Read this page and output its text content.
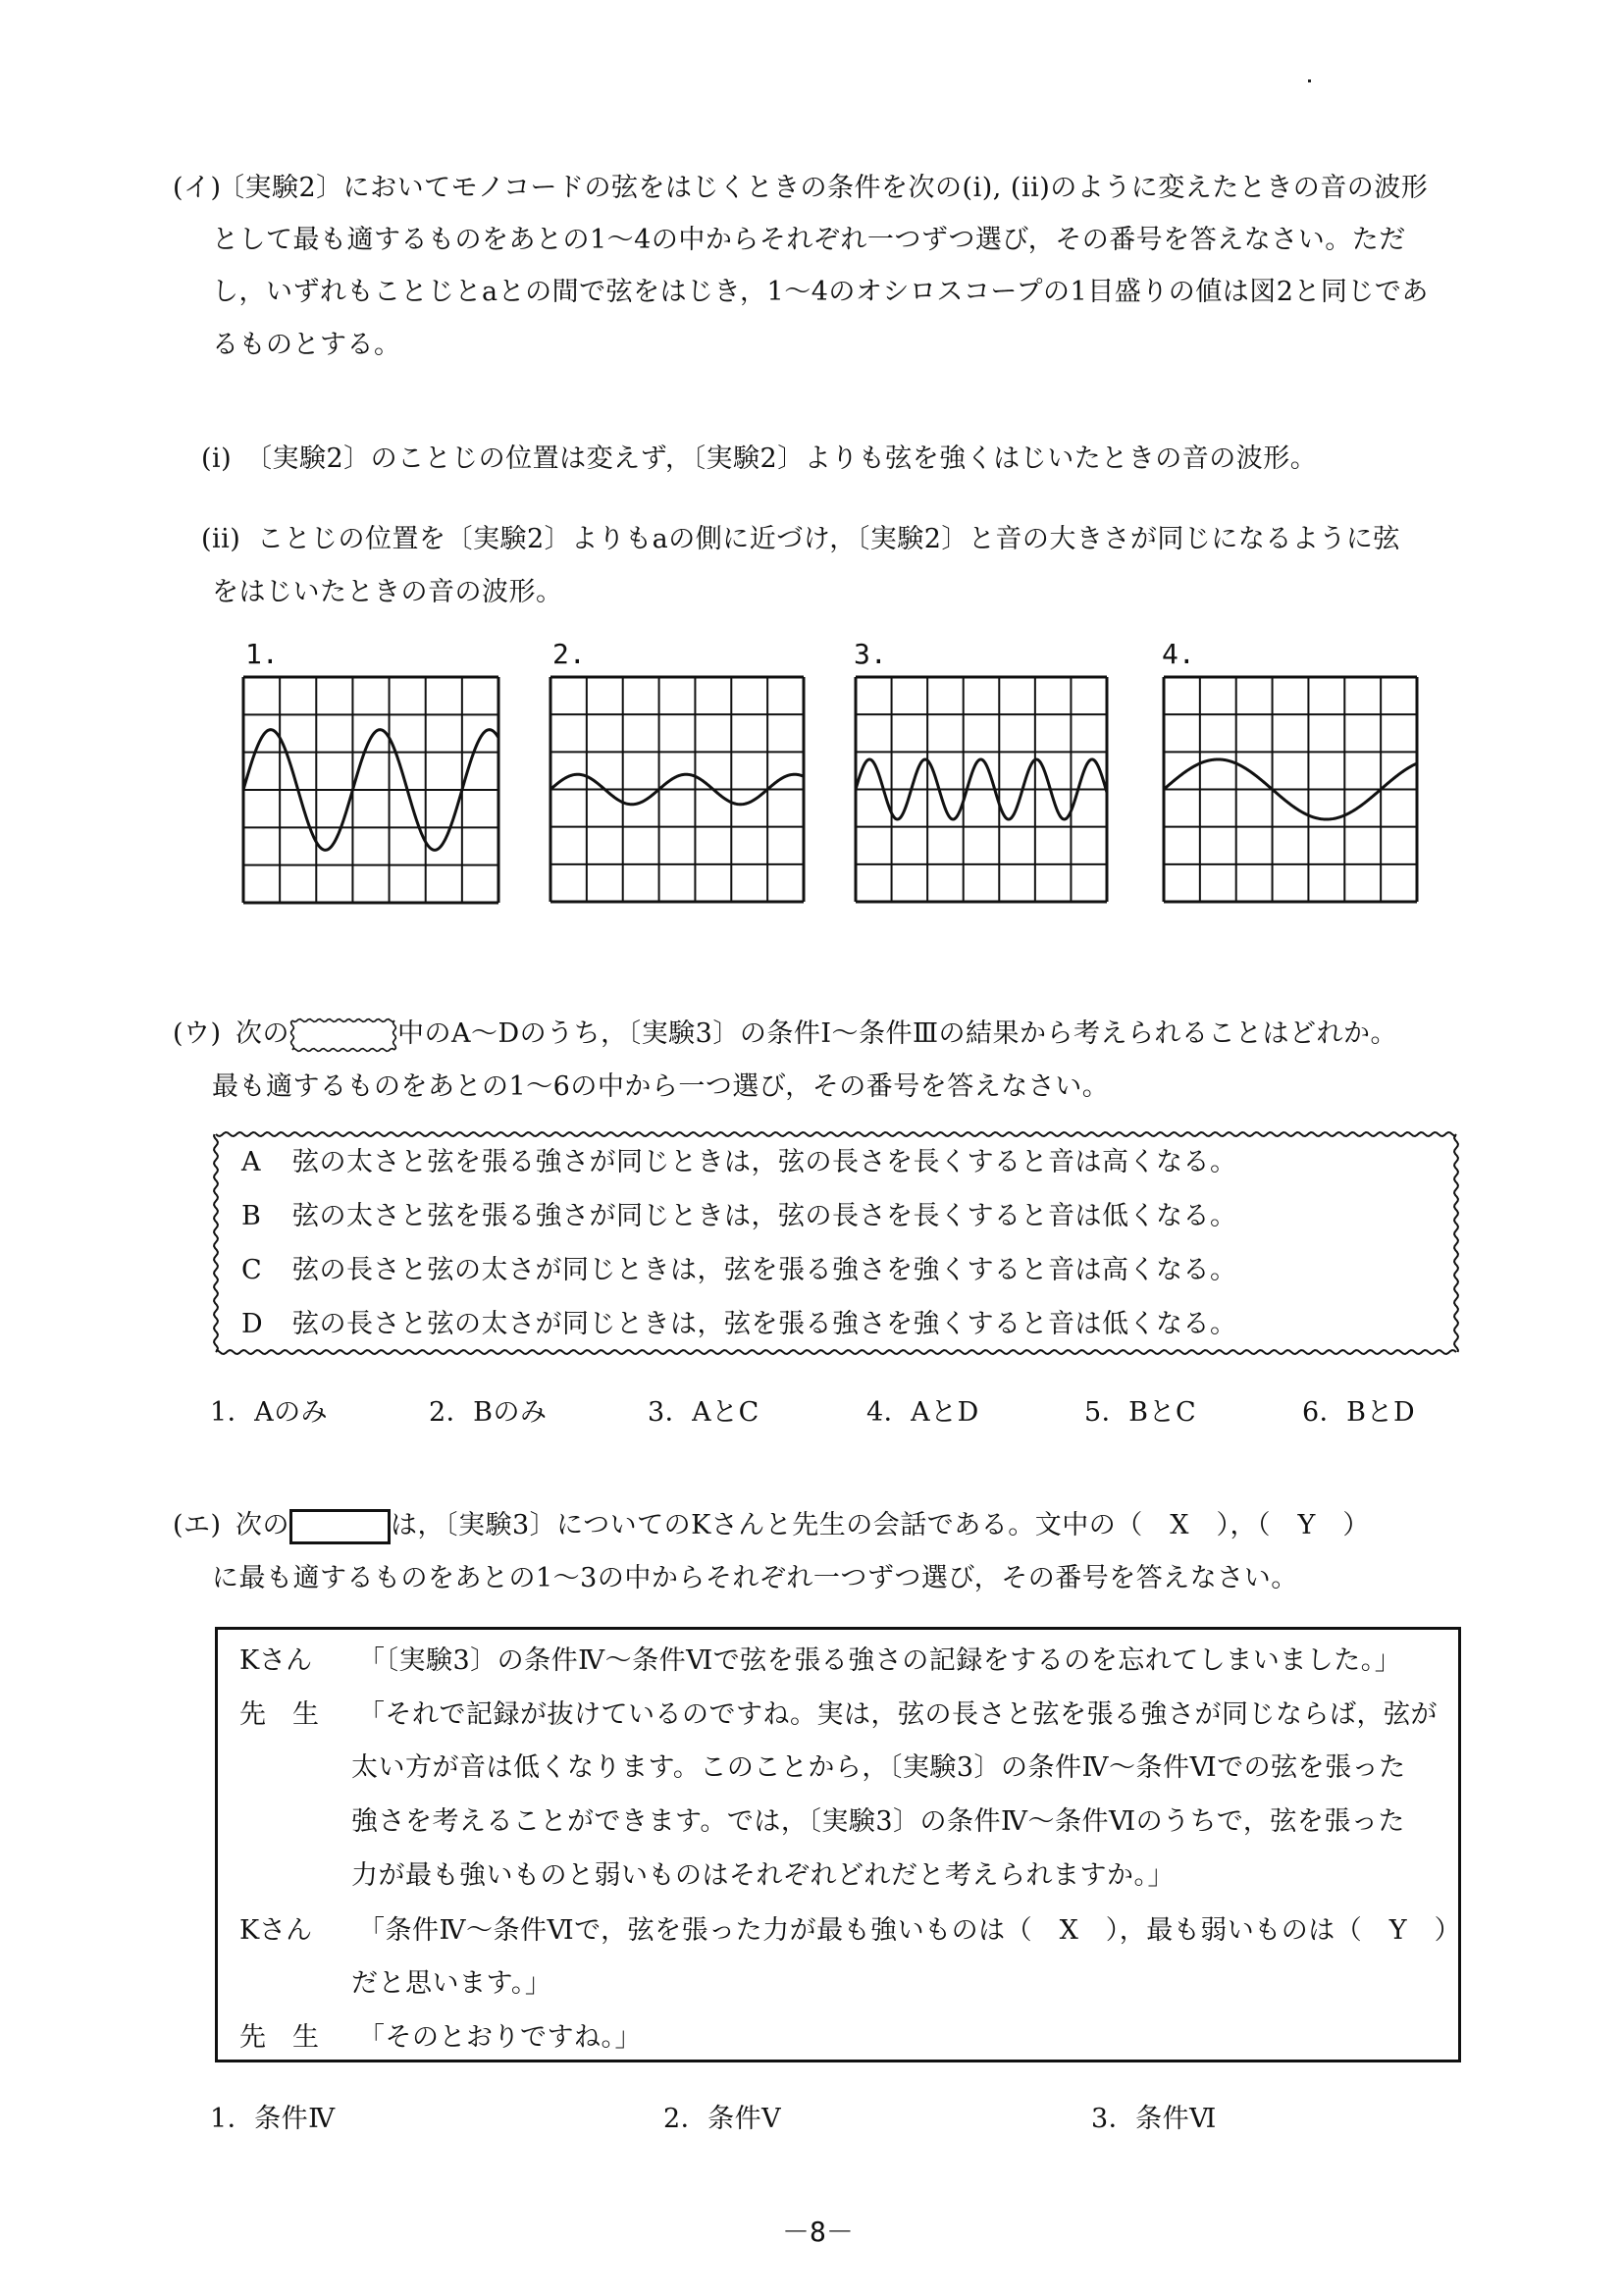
(イ)
〔実験2〕においてモノコードの弦をはじくときの条件を次の(i), (ii)のように変えたときの音の波形
として最も適するものをあとの1～4の中からそれぞれ一つずつ選び，その番号を答えなさい。ただ
し，いずれもことじとaとの間で弦をはじき，1～4のオシロスコープの1目盛りの値は図2と同じであ
るものとする。
(i) 〔実験2〕のことじの位置は変えず，〔実験2〕よりも弦を強くはじいたときの音の波形。
(ii) ことじの位置を〔実験2〕よりもaの側に近づけ，〔実験2〕と音の大きさが同じになるように弦
をはじいたときの音の波形。
1.	2.	3.	4.
(ウ) 次の	中のA～Dのうち，〔実験3〕の条件Ⅰ～条件Ⅲの結果から考えられることはどれか。
最も適するものをあとの1～6の中から一つ選び，その番号を答えなさい。
A 弦の太さと弦を張る強さが同じときは，弦の長さを長くすると音は高くなる。
B 弦の太さと弦を張る強さが同じときは，弦の長さを長くすると音は低くなる。
C 弦の長さと弦の太さが同じときは，弦を張る強さを強くすると音は高くなる。
D 弦の長さと弦の太さが同じときは，弦を張る強さを強くすると音は低くなる。
1．Aのみ	2．Bのみ	3．AとC	4．AとD	5．BとC	6．BとD
(エ) 次の	は，〔実験3〕についてのKさんと先生の会話である。文中の（　X　），（　Y　）
に最も適するものをあとの1～3の中からそれぞれ一つずつ選び，その番号を答えなさい。
Kさん 「〔実験3〕の条件Ⅳ～条件Ⅵで弦を張る強さの記録をするのを忘れてしまいました。」
先　生 「それで記録が抜けているのですね。実は，弦の長さと弦を張る強さが同じならば，弦が
太い方が音は低くなります。このことから，〔実験3〕の条件Ⅳ～条件Ⅵでの弦を張った
強さを考えることができます。では，〔実験3〕の条件Ⅳ～条件Ⅵのうちで，弦を張った
力が最も強いものと弱いものはそれぞれどれだと考えられますか。」
Kさん 「条件Ⅳ～条件Ⅵで，弦を張った力が最も強いものは（　X　），最も弱いものは（　Y　）
だと思います。」
先　生 「そのとおりですね。」
1．条件Ⅳ	2．条件Ⅴ	3．条件Ⅵ
－8－
